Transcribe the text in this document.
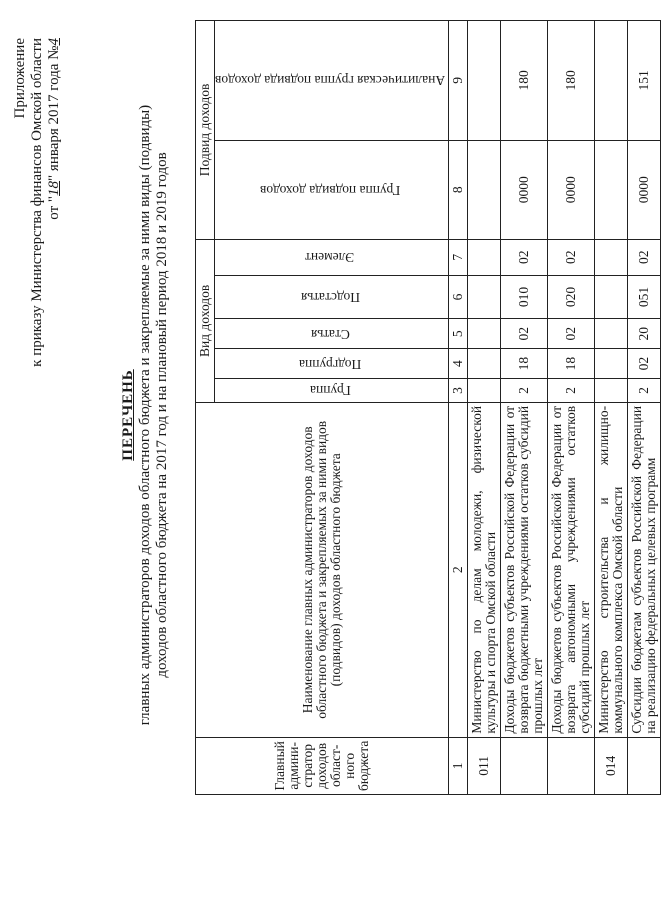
Приложение к приказу Министерства финансов Омской области от "18" января 2017 года №4
ПЕРЕЧЕНЬ главных администраторов доходов областного бюджета и закрепляемые за ними виды (подвиды) доходов областного бюджета на 2017 год и на плановый период 2018 и 2019 годов
Главный админи-стратор доходов област-ного бюджета	Наименование главных администраторов доходов областного бюджета и закрепляемых за ними видов (подвидов) доходов областного бюджета	Вид доходов					Подвид доходов	
		Группа	Подгруппа	Статья	Подстатья	Элемент	Группа подвида доходов	Аналитическая группа подвида доходов
1	2	3	4	5	6	7	8	9
011	Министерство по делам молодежи, физической культуры и спорта Омской области							
	Доходы бюджетов субъектов Российской Федерации от возврата бюджетными учреждениями остатков субсидий прошлых лет	2	18	02	010	02	0000	180
	Доходы бюджетов субъектов Российской Федерации от возврата автономными учреждениями остатков субсидий прошлых лет	2	18	02	020	02	0000	180
014	Министерство строительства и жилищно-коммунального комплекса Омской области							
	Субсидии бюджетам субъектов Российской Федерации на реализацию федеральных целевых программ	2	02	20	051	02	0000	151
